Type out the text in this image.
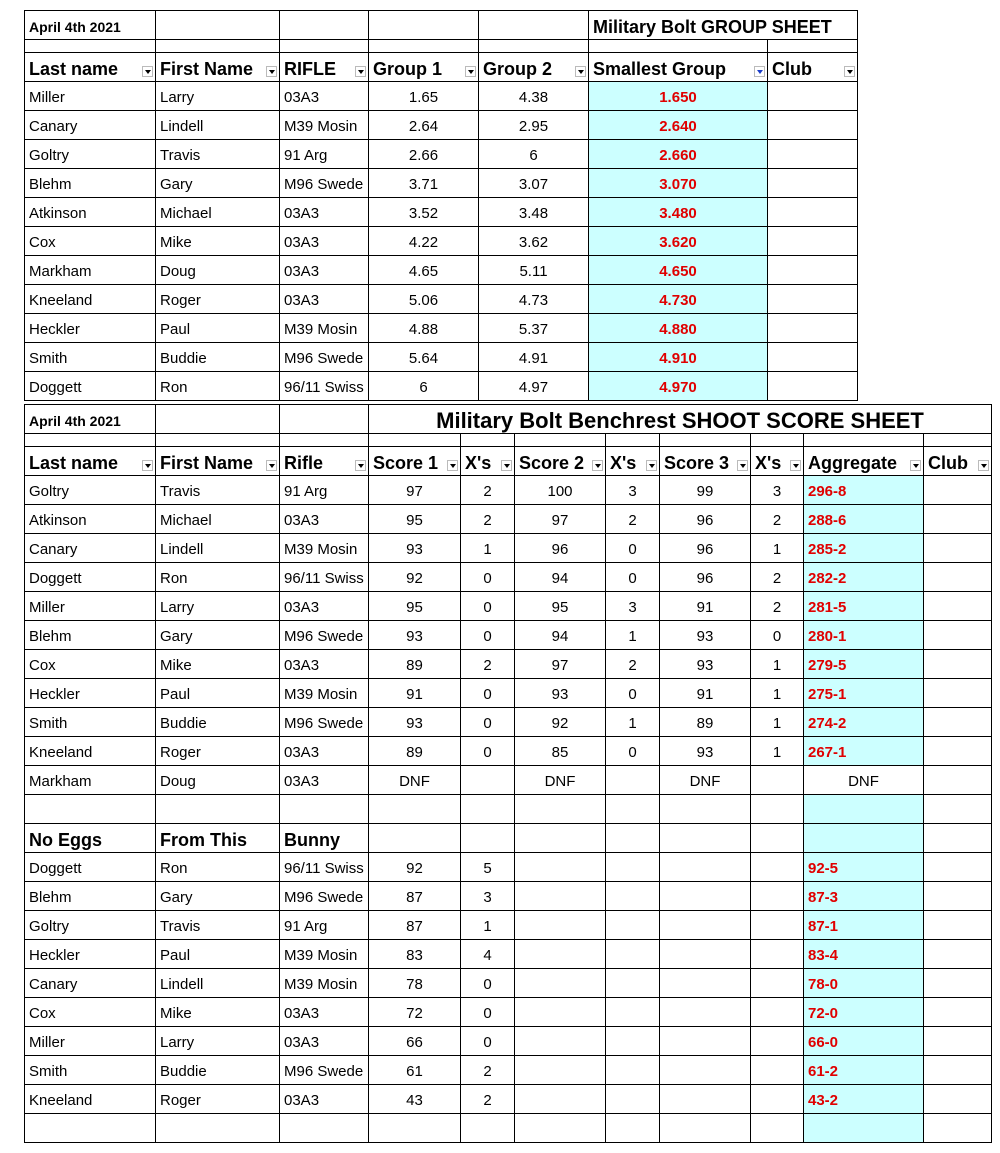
April 4th 2021					Military Bolt GROUP SHEET	

Last name	First Name	RIFLE	Group 1	Group 2	Smallest Group	Club

Miller	Larry	03A3	1.65	4.38	1.650	
Canary	Lindell	M39 Mosin	2.64	2.95	2.640	
Goltry	Travis	91 Arg	2.66	6	2.660	
Blehm	Gary	M96 Swede	3.71	3.07	3.070	
Atkinson	Michael	03A3	3.52	3.48	3.480	
Cox	Mike	03A3	4.22	3.62	3.620	
Markham	Doug	03A3	4.65	5.11	4.650	
Kneeland	Roger	03A3	5.06	4.73	4.730	
Heckler	Paul	M39 Mosin	4.88	5.37	4.880	
Smith	Buddie	M96 Swede	5.64	4.91	4.910	
Doggett	Ron	96/11 Swiss	6	4.97	4.970	
April 4th 2021			Military Bolt Benchrest SHOOT SCORE SHEET							

Last name	First Name	Rifle	Score 1	X's	Score 2	X's	Score 3	X's	Aggregate	Club

Goltry	Travis	91 Arg	97	2	100	3	99	3	296-8	
Atkinson	Michael	03A3	95	2	97	2	96	2	288-6	
Canary	Lindell	M39 Mosin	93	1	96	0	96	1	285-2	
Doggett	Ron	96/11 Swiss	92	0	94	0	96	2	282-2	
Miller	Larry	03A3	95	0	95	3	91	2	281-5	
Blehm	Gary	M96 Swede	93	0	94	1	93	0	280-1	
Cox	Mike	03A3	89	2	97	2	93	1	279-5	
Heckler	Paul	M39 Mosin	91	0	93	0	91	1	275-1	
Smith	Buddie	M96 Swede	93	0	92	1	89	1	274-2	
Kneeland	Roger	03A3	89	0	85	0	93	1	267-1	
Markham	Doug	03A3	DNF		DNF		DNF		DNF	

No Eggs	From This	Bunny								
Doggett	Ron	96/11 Swiss	92	5					92-5	
Blehm	Gary	M96 Swede	87	3					87-3	
Goltry	Travis	91 Arg	87	1					87-1	
Heckler	Paul	M39 Mosin	83	4					83-4	
Canary	Lindell	M39 Mosin	78	0					78-0	
Cox	Mike	03A3	72	0					72-0	
Miller	Larry	03A3	66	0					66-0	
Smith	Buddie	M96 Swede	61	2					61-2	
Kneeland	Roger	03A3	43	2					43-2	
